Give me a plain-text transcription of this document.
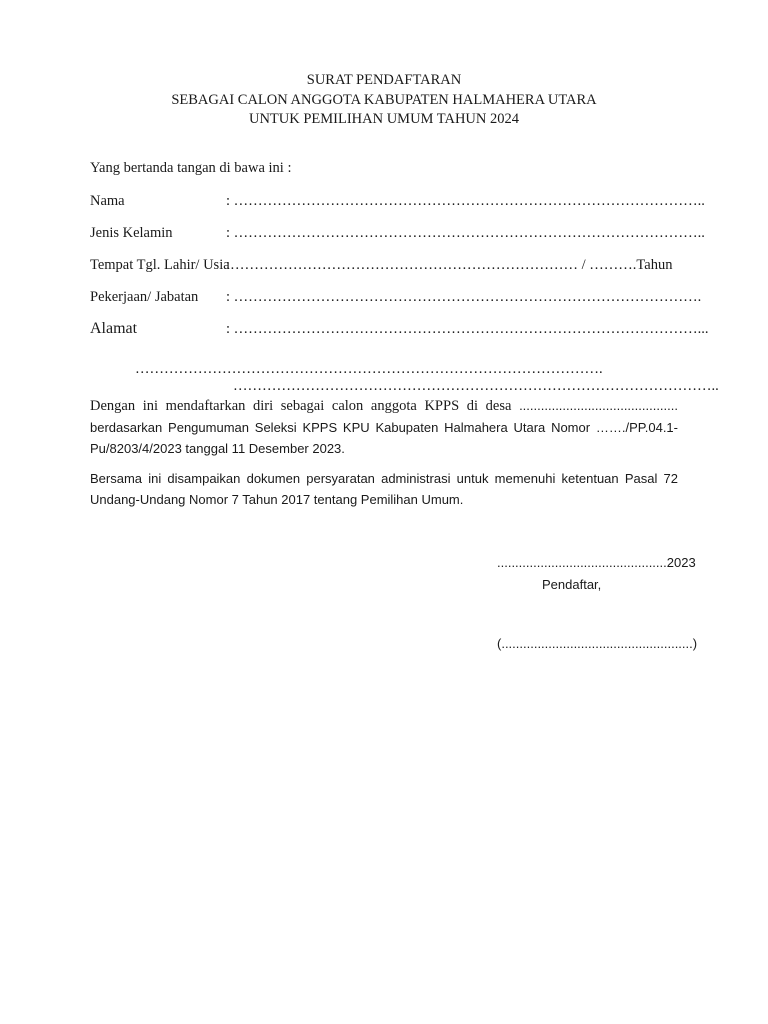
SURAT PENDAFTARAN
SEBAGAI CALON ANGGOTA KABUPATEN HALMAHERA UTARA
UNTUK PEMILIHAN UMUM TAHUN 2024
Yang bertanda tangan di bawa ini :
Nama	: ……………………………………………………………………………………..
Jenis Kelamin	: ……………………………………………………………………………………..
Tempat Tgl. Lahir/ Usia
:……………………………………………………………… / ……….Tahun
Pekerjaan/ Jabatan : …………………………………………………………………………………….
Alamat	: ……………………………………………………………………………………...
…………………………………………………………………………………….
………………………………………………………………………………………..
Dengan ini mendaftarkan diri sebagai calon anggota KPPS di desa ............................................ berdasarkan Pengumuman Seleksi KPPS KPU Kabupaten Halmahera Utara Nomor ……./PP.04.1-Pu/8203/4/2023 tanggal 11 Desember 2023.
Bersama ini disampaikan dokumen persyaratan administrasi untuk memenuhi ketentuan Pasal 72 Undang-Undang Nomor 7 Tahun 2017 tentang Pemilihan Umum.
...............................................2023
Pendaftar,
(.....................................................)
